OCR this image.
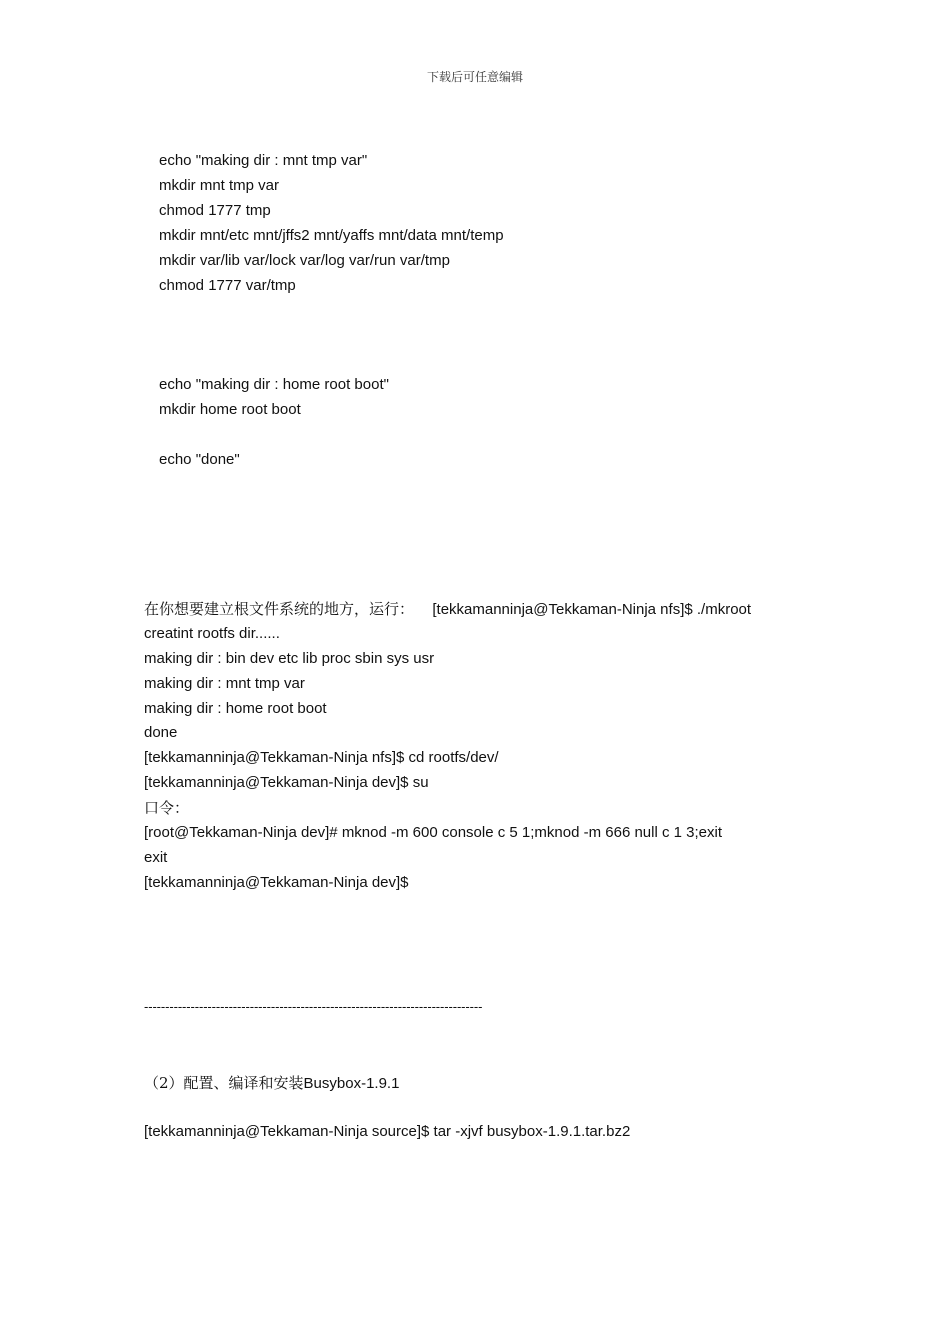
下载后可任意编辑
echo "making dir : mnt tmp var"
mkdir mnt tmp var
chmod 1777 tmp
mkdir mnt/etc mnt/jffs2 mnt/yaffs mnt/data mnt/temp
mkdir var/lib var/lock var/log var/run var/tmp
chmod 1777 var/tmp
echo "making dir : home root boot"
mkdir home root boot
echo "done"
在你想要建立根文件系统的地方，运行： [tekkamanninja@Tekkaman-Ninja nfs]$ ./mkroot
creatint rootfs dir......
making dir : bin dev etc lib proc sbin sys usr
making dir : mnt tmp var
making dir : home root boot
done
[tekkamanninja@Tekkaman-Ninja nfs]$ cd rootfs/dev/
[tekkamanninja@Tekkaman-Ninja dev]$ su
口令：
[root@Tekkaman-Ninja dev]# mknod -m 600 console c 5 1;mknod -m 666 null c 1 3;exit
exit
[tekkamanninja@Tekkaman-Ninja dev]$
--------------------------------------------------------------------------------
（2）配置、编译和安装Busybox-1.9.1
[tekkamanninja@Tekkaman-Ninja source]$ tar -xjvf busybox-1.9.1.tar.bz2
